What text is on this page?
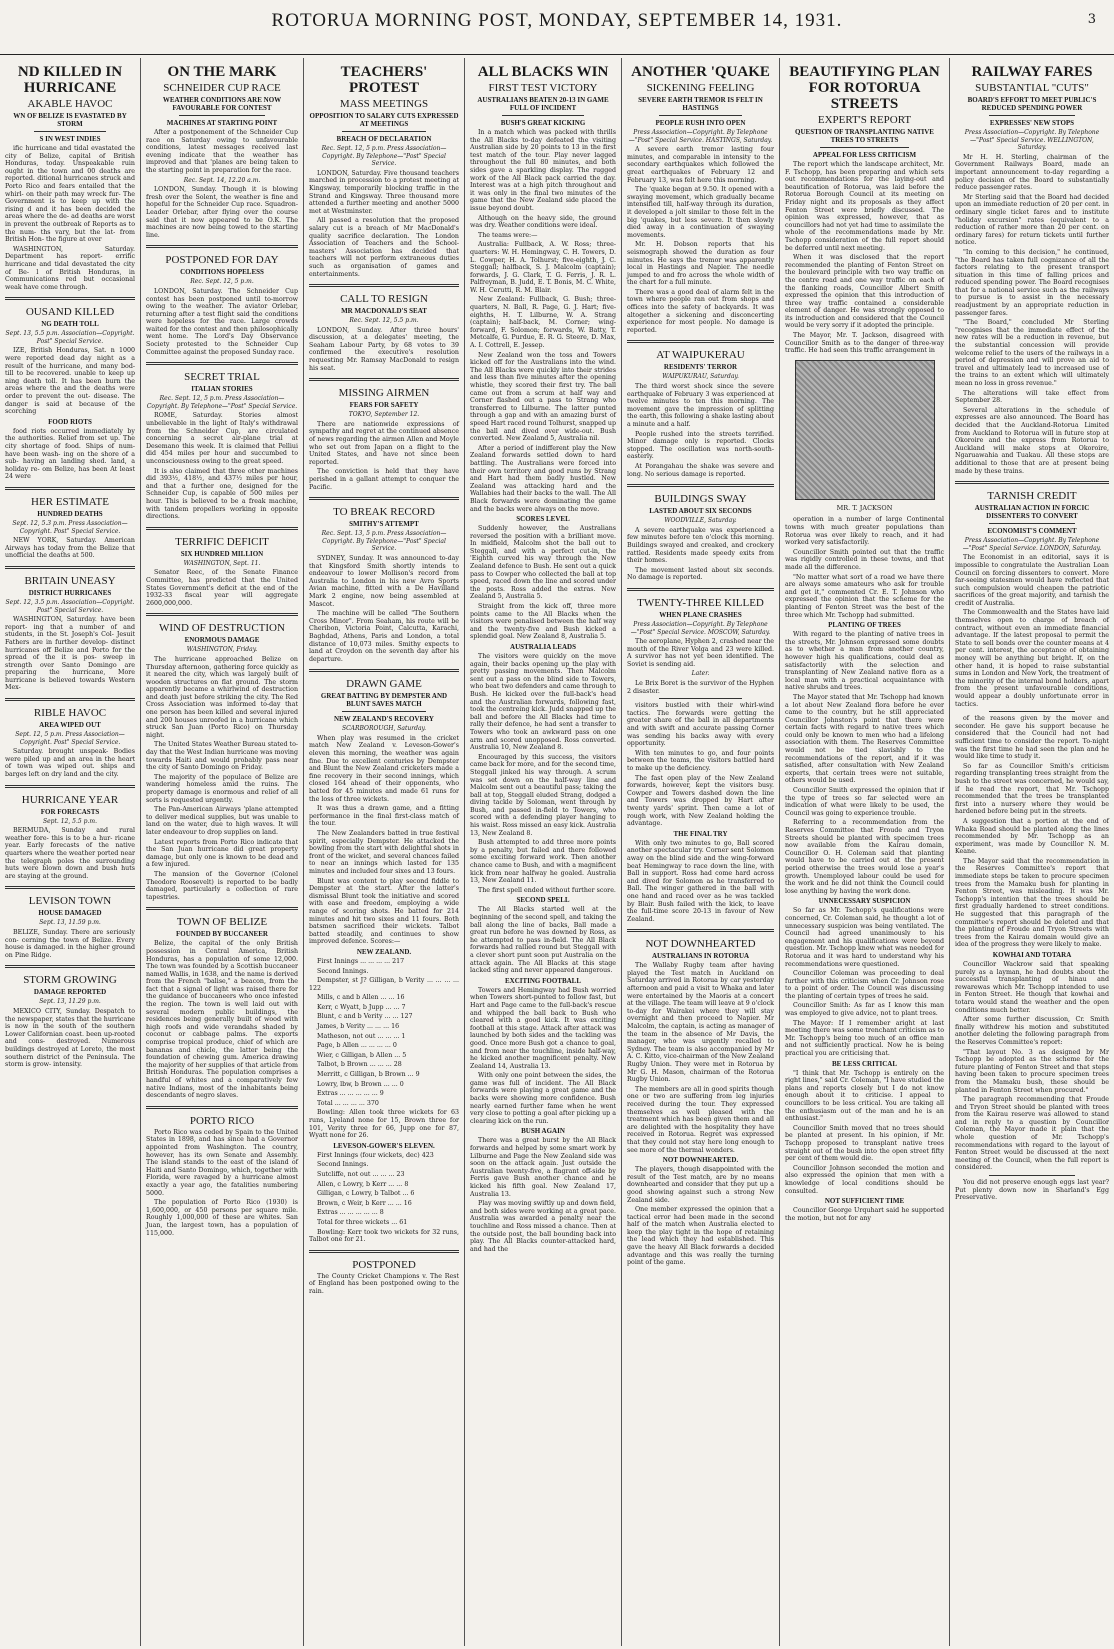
ROTORUA MORNING POST, MONDAY, SEPTEMBER 14, 1931.	3
ND KILLED IN HURRICANE
AKABLE HAVOC
WN OF BELIZE IS EVASTATED BY STORM
S IN WEST INDIES
ific hurricane and tidal evastated the city of Belize, capital of British Honduras, today. Unspeakable ruin ought in the town and 00 deaths are reported. ditional hurricanes struck and Porto Rico and fears entailed that the whirl- on their path may wreck fur- The Government is to keep up with the rising d and it has been decided the areas where the de- ad deaths are worst in prevent the outbreak of Reports as to the num- ths vary, but the lat- from British Hon- the figure at over
WASHINGTON, Saturday. Department has report- errific hurricane and tidal devastated the city of Be- l of British Honduras, in Communications red but occasional weak have come through.
OUSAND KILLED
NG DEATH TOLL
Sept. 13, 5.5 p.m. Association—Copyright. Post" Special Service.
IZE, British Honduras, Sat. n 1000 were reported dead day night as a result of the hurricane, and many bod- till to be recovered. unable to keep up ning death toll. It has been burn the areas where the and the deaths were order to prevent the out- disease. The danger is said at because of the scorching
FOOD RIOTS
food riots occurred immediately by the authorities. Relief from set up. The city shortage of food. Ships of num- have been wash- ing on the shore of a sub- having an landing shed. land, a holiday re- om Belize, has been At least 24 were
HER ESTIMATE
HUNDRED DEATHS
Sept. 12, 5.3 p.m. Press Association—Copyright. Post" Special Service.
NEW YORK, Saturday. American Airways has today from the Belize that unofficial the deaths at 500.
BRITAIN UNEASY
DISTRICT HURRICANES
Sept. 12, 3.5 p.m. Association—Copyright. Post" Special Service.
WASHINGTON, Saturday. have been report- ing that a number of and students, in the St. Joseph's Col- Jesuit Fathers are in further develop- distinct hurricanes off Belize and Porto for the spread of the it is pos- sweep in strength over Santo Domingo are preparing the hurricane, More hurricane is believed towards Western Mex-
RIBLE HAVOC
AREA WIPED OUT
Sept. 12, 5 p.m. Press Association—Copyright. Post" Special Service.
Saturday. brought unspeak- Bodies were piled up and an area in the heart of town was wiped out. ships and barges left on dry land and the city.
HURRICANE YEAR
FOR FORECASTS
Sept. 12, 5.5 p.m.
BERMUDA, Sunday and rural weather fore- this is to be a hur- ricane year. Early forecasts of the native quarters where the weather ported near the telegraph poles the surrounding huts were blown down and bush huts are staying at the ground.
LEVISON TOWN
HOUSE DAMAGED
Sept. 13, 11.59 p.m.
BELIZE, Sunday. There are seriously con- cerning the town of Belize. Every house is damaged. in the higher ground on Pine Ridge.
STORM GROWING
DAMAGE REPORTED
Sept. 13, 11.29 p.m.
MEXICO CITY, Sunday. Despatch to the newspaper, states that the hurricane is now in the south of the southern Lower Californian coast. been up-rooted and cons- destroyed. Numerous buildings destroyed at Loreto, the most southern district of the Peninsula. The storm is grow- intensity.
ON THE MARK
SCHNEIDER CUP RACE
WEATHER CONDITIONS ARE NOW FAVOURABLE FOR CONTEST
MACHINES AT STARTING POINT
After a postponement of the Schneider Cup race on Saturday owing to unfavourable conditions, latest messages received last evening indicate that the weather has improved and that 'planes are being taken to the starting point in preparation for the race.
Rec. Sept. 14, 12.20 a.m.
LONDON, Sunday. Though it is blowing fresh over the Solent, the weather is fine and hopeful for the Schneider Cup race. Squadron-Leader Orlebar, after flying over the course said that it now appeared to be O.K. The machines are now being towed to the starting line.
POSTPONED FOR DAY
CONDITIONS HOPELESS
Rec. Sept. 12, 5 p.m.
LONDON, Saturday. The Schneider Cup contest has been postponed until to-morrow owing to the weather. The aviator Orlebar, returning after a test flight said the conditions were hopeless for the race. Large crowds waited for the contest and then philosophically went home. The Lord's Day Observance Society protested to the Schneider Cup Committee against the proposed Sunday race.
SECRET TRIAL
ITALIAN STORIES
Rec. Sept. 12, 5 p.m. Press Association—Copyright. By Telephone—"Post" Special Service.
ROME, Saturday. Stories almost unbelievable in the light of Italy's withdrawal from the Schneider Cup, are circulated concerning a secret air-plane trial at Desemano this week. It is claimed that Pelliui did 454 miles per hour and succumbed to unconsciousness owing to the great speed.
It is also claimed that three other machines did 393½, 418½, and 437½ miles per hour, and that a further one, designed for the Schneider Cup, is capable of 500 miles per hour. This is believed to be a freak machine, with tandem propellers working in opposite directions.
TERRIFIC DEFICIT
SIX HUNDRED MILLION
WASHINGTON, Sept. 11.
Senator Reec, of the Senate Finance Committee, has predicted that the United States Government's deficit at the end of the 1932-33 fiscal year will aggregate 2600,000,000.
WIND OF DESTRUCTION
ENORMOUS DAMAGE
WASHINGTON, Friday.
The hurricane approached Belize on Thursday afternoon, gathering force quickly as it neared the city, which was largely built of wooden structures on flat ground. The storm apparently became a whirlwind of destruction and death just before striking the city. The Red Cross Association was informed to-day that one person has been killed and several injured and 200 houses unroofed in a hurricane which struck San Juan (Porto Rico) on Thursday night.
The United States Weather Bureau stated to-day that the West Indian hurricane was moving towards Haiti and would probably pass near the city of Santo Domingo on Friday.
The majority of the populace of Belize are wandering homeless amid the ruins. The property damage is enormous and relief of all sorts is requested urgently.
The Pan-American Airways 'plane attempted to deliver medical supplies, but was unable to land on the water, due to high waves. It will later endeavour to drop supplies on land.
Latest reports from Porto Rico indicate that the San Juan hurricane did great property damage, but only one is known to be dead and a few injured.
The mansion of the Governor (Colonel Theodore Roosevelt) is reported to be badly damaged, particularly a collection of rare tapestries.
TOWN OF BELIZE
FOUNDED BY BUCCANEER
Belize, the capital of the only British possession in Central America, British Honduras, has a population of some 12,000. The town was founded by a Scottish buccaneer named Wallis, in 1638, and the name is derived from the French "balise," a beacon, from the fact that a signal of light was raised there for the guidance of buccaneers who once infested the region. The town is well laid out with several modern public buildings, the residences being generally built of wood with high roofs and wide verandahs shaded by coconut or cabbage palms. The exports comprise tropical produce, chief of which are bananas and chicle, the latter being the foundation of chewing gum. America drawing the majority of her supplies of that article from British Honduras. The population comprises a handful of whites and a comparatively few native Indians, most of the inhabitants being descendants of negro slaves.
PORTO RICO
Porto Rico was ceded by Spain to the United States in 1898, and has since had a Governor appointed from Washington. The country, however, has its own Senate and Assembly. The island stands to the east of the island of Haiti and Santo Domingo, which, together with Florida, were ravaged by a hurricane almost exactly a year ago, the fatalities numbering 5000.
The population of Porto Rico (1930) is 1,600,000, or 450 persons per square mile. Roughly 1,000,000 of these are whites. San Juan, the largest town, has a population of 115,000.
TEACHERS' PROTEST
MASS MEETINGS
OPPOSITION TO SALARY CUTS EXPRESSED AT MEETINGS
BREACH OF DECLARATION
Rec. Sept. 12, 5 p.m. Press Association—Copyright. By Telephone—"Post" Special Service.
LONDON, Saturday. Five thousand teachers marched in procession to a protest meeting at Kingsway, temporarily blocking traffic in the Strand and Kingsway. Three thousand more attended a further meeting and another 5000 met at Westminster.
All passed a resolution that the proposed salary cut is a breach of Mr MacDonald's quality sacrifice declaration. The London Association of Teachers and the School-masters' Association has decided that teachers will not perform extraneous duties such as organisation of games and entertainments.
CALL TO RESIGN
MR MACDONALD'S SEAT
Rec. Sept. 12, 5.5 p.m.
LONDON, Sunday. After three hours' discussion, at a delegates' meeting, the Seaham Labour Party, by 68 votes to 39 confirmed the executive's resolution requesting Mr. Ramsay MacDonald to resign his seat.
MISSING AIRMEN
FEARS FOR SAFETY
TOKYO, September 12.
There are nationwide expressions of sympathy and regret at the continued absence of news regarding the airmen Allen and Moyle who set out from Japan on a flight to the United States, and have not since been reported.
The conviction is held that they have perished in a gallant attempt to conquer the Pacific.
TO BREAK RECORD
SMITHY'S ATTEMPT
Rec. Sept. 13, 5 p.m. Press Association—Copyright. By Telephone—"Post" Special Service.
SYDNEY, Sunday. It was announced to-day that Kingsford Smith shortly intends to endeavour to lower Mollison's record from Australia to London in his new Avro Sports Avian machine, fitted with a De Havilland Mark 2 engine, now being assembled at Mascot.
The machine will be called "The Southern Cross Minor". From Seaham, his route will be Cheribon, Victoria Point, Calcutta, Karachi, Baghdad, Athens, Paris and London, a total distance of 10,073 miles. Smithy expects to land at Croydon on the seventh day after his departure.
DRAWN GAME
GREAT BATTING BY DEMPSTER AND BLUNT SAVES MATCH
NEW ZEALAND'S RECOVERY
SCARBOROUGH, Saturday.
When play was resumed in the cricket match New Zealand v. Leveson-Gower's eleven this morning, the weather was again fine. Due to excellent centuries by Dempster and Blunt the New Zealand cricketers made a fine recovery in their second innings, which closed 164 ahead of their opponents, who batted for 45 minutes and made 61 runs for the loss of three wickets.
It was thus a drawn game, and a fitting performance in the final first-class match of the tour.
The New Zealanders batted in true festival spirit, especially Dempster. He attacked the bowling from the start with delightful shots in front of the wicket, and several chances failed to near an innings which lasted for 135 minutes and included four sixes and 13 fours.
Blunt was content to play second fiddle to Dempster at the start. After the latter's dismissal Blunt took the initiative and scored with ease and freedom, employing a wide range of scoring shots. He batted for 214 minutes and hit two sixes and 11 fours. Both batsmen sacrificed their wickets. Talbot batted steadily, and continues to show improved defence. Scores:—
NEW ZEALAND.
First Innings ... ... ... ... 217
Second Innings.
Dempster, st J? Gilligan, b Verity ... ... ... ... 122
Mills, c and b Allen ... ... 16
Kerr, c Wyatt, b Jupp ... ... 7
Blunt, c and b Verity ... ... 127
James, b Verity ... ... ... 16
Matheson, not out ... ... ... 1
Page, b Allen ... ... ... ... 0
Wier, c Gilligan, b Allen ... 5
Talbot, b Brown ... ... ... 28
Merritt, c Gilligan, b Brown ... 9
Lowry, lbw, b Brown ... ... 0
Extras ... ... ... ... ... 9
Total ... ... ... ... 370
Bowling: Allen took three wickets for 63 runs, Lyeland none for 15, Brown three for 101, Verity three for 66, Jupp one for 87, Wyatt none for 26.
LEVESON-GOWER'S ELEVEN.
First Innings (four wickets, dec) 423
Second Innings.
Sutcliffe, not out ... ... ... 23
Allen, c Lowry, b Kerr ... ... 8
Gilligan, c Lowry, b Talbot ... 6
Brown, c Weir, b Kerr ... ... 16
Extras ... ... ... ... ... 8
Total for three wickets ... 61
Bowling: Kerr took two wickets for 32 runs, Talbot one for 21.
POSTPONED
The County Cricket Champions v. The Rest of England has been postponed owing to the rain.
ALL BLACKS WIN
FIRST TEST VICTORY
AUSTRALIANS BEATEN 20-13 IN GAME FULL OF INCIDENT
BUSH'S GREAT KICKING
In a match which was packed with thrills the All Blacks to-day defeated the visiting Australian side by 20 points to 13 in the first test match of the tour. Play never lagged throughout the full 80 minutes, and both sides gave a sparkling display. The rugged work of the All Black pack carried the day. Interest was at a high pitch throughout and it was only in the final two minutes of the game that the New Zealand side placed the issue beyond doubt.
Although on the heavy side, the ground was dry. Weather conditions were ideal.
The teams were:—
Australia: Fullback, A. W. Ross; three-quarters: W. H. Hemingway, C. H. Towers, D. L. Cowper, H. A. Tolhurst; five-eighth, J. C. Steggall; halfback, S. J. Malcolm (captain); forwards, J. G. Clark, T. G. Ferris, J. R. L. Palfreyman, B. Judd, E. T. Bonis, M. C. White, W. H. Cerutti, R. M. Blair.
New Zealand: Fullback, G. Bush; three-quarters, N. Ball, R. Page, G. J. Hart; five-eighths, H. T. Lilburne, W. A. Strang (captain); half-back, M. Corner; wing-forward, F. Solomon; forwards, W. Batty, T. Metcalfe, G. Purdue, E. R. G. Steere, D. Max, A. I. Cottrell, E. Jessep.
New Zealand won the toss and Towers kicked off for the Australians into the wind. The All Blacks were quickly into their strides and less than five minutes after the opening whistle, they scored their first try. The ball came out from a scrum at half way and Corner flashed out a pass to Strang who transferred to Lilburne. The latter punted through a gap and with an amazing burst of speed Hart raced round Tolhurst, snapped up the ball and dived over wide-out. Bush converted. New Zealand 5, Australia nil.
After a period of indifferent play the New Zealand forwards settled down to hard battling. The Australians were forced into their own territory and good runs by Strang and Hart had them badly hustled. New Zealand was attacking hard and the Wallabies had their backs to the wall. The All Black forwards were dominating the game and the backs were always on the move.
SCORES LEVEL
Suddenly however, the Australians reversed the position with a brilliant move. In midfield, Malcolm shot the ball out to Steggall, and with a perfect cut-in, the 'Eighth curved his way through the New Zealand defence to Bush. He sent out a quick pass to Cowper who collected the ball at top speed, raced down the line and scored under the posts. Ross added the extras. New Zealand 5, Australia 5.
Straight from the kick off, three more points came to the All Blacks when the visitors were penalised between the half way and the twenty-five and Bush kicked a splendid goal. New Zealand 8, Australia 5.
AUSTRALIA LEADS
The visitors were quickly on the move again, their backs opening up the play with pretty passing movements. Then Malcolm sent out a pass on the blind side to Towers, who beat two defenders and came through to Bush. He kicked over the full-back's head and the Australian forwards, following fast, took the centreing kick. Judd snapped up the ball and before the All Blacks had time to rally their defence, he had sent a transfer to Towers who took an awkward pass on one arm and scored unopposed. Ross converted. Australia 10, New Zealand 8.
Encouraged by this success, the visitors came back for more, and for the second time, Steggall jinked his way through. A scrum was set down on the half-way line and Malcolm sent out a beautiful pass; taking the ball at top, Steggall eluded Strang, dodged a diving tackle by Soloman, went through by Bush, and passed in-field to Towers, who scored with a defending player hanging to his waist. Ross missed an easy kick. Australia 13, New Zealand 8.
Bush attempted to add three more points by a penalty, but failed and there followed some exciting forward work. Then another chance came to Bush, and with a magnificent kick from near halfway he goaled. Australia 13, New Zealand 11.
The first spell ended without further score.
SECOND SPELL
The All Blacks started well at the beginning of the second spell, and taking the ball along the line of backs, Ball made a great run before he was downed by Ross, as he attempted to pass in-field. The All Black forwards had rallied round but Steggall with a clever short punt soon put Australia on the attack again. The All Blacks at this stage lacked sting and never appeared dangerous.
EXCITING FOOTBALL
Towers and Hemingway had Bush worried when Towers short-punted to follow fast, but Hart and Page came to the full-back's rescue and whipped the ball back to Bush who cleared with a good kick. It was exciting football at this stage. Attack after attack was launched by both sides and the tackling was good. Once more Bush got a chance to goal, and from near the touchline, inside half-way, he kicked another magnificent penalty. New Zealand 14, Australia 13.
With only one point between the sides, the game was full of incident. The All Black forwards were playing a great game and the backs were showing more confidence. Bush nearly earned further fame when he went very close to potting a goal after picking up a clearing kick on the run.
BUSH AGAIN
There was a great burst by the All Black forwards and helped by some smart work by Lilburne and Page the New Zealand side was soon on the attack again. Just outside the Australian twenty-five, a flagrant off-side by Ferris gave Bush another chance and he kicked his fifth goal. New Zealand 17, Australia 13.
Play was moving swiftly up and down field, and both sides were working at a great pace. Australia was awarded a penalty near the touchline and Ross missed a chance. Then at the outside post, the ball bounding back into play. The All Blacks counter-attacked hard, and had the
ANOTHER 'QUAKE
SICKENING FEELING
SEVERE EARTH TREMOR IS FELT IN HASTINGS
PEOPLE RUSH INTO OPEN
Press Association—Copyright. By Telephone—"Post" Special Service. HASTINGS, Saturday.
A severe earth tremor lasting four minutes, and comparable in intensity to the secondary earthquakes which followed the great earthquakes of February 12 and February 13, was felt here this morning.
The 'quake began at 9.50. It opened with a swaying movement, which gradually became intensified till, half-way through its duration, it developed a jolt similar to those felt in the big 'quakes, but less severe. It then slowly died away in a continuation of swaying movements.
Mr. H. Dobson reports that his seismograph showed the duration as four minutes. He says the tremor was apparently local in Hastings and Napier. The needle jumped to and fro across the whole width of the chart for a full minute.
There was a good deal of alarm felt in the town where people ran out from shops and offices into the safety of backyards. It was altogether a sickening and disconcerting experience for most people. No damage is reported.
AT WAIPUKERAU
RESIDENTS' TERROR
WAIPUKURAU, Saturday.
The third worst shock since the severe earthquake of February 3 was experienced at twelve minutes to ten this morning. The movement gave the impression of splitting the earth, this following a shake lasting about a minute and a half.
People rushed into the streets terrified. Minor damage only is reported. Clocks stopped. The oscillation was north-south-easterly.
At Porangahau the shake was severe and long. No serious damage is reported.
BUILDINGS SWAY
LASTED ABOUT SIX SECONDS
WOODVILLE, Saturday.
A severe earthquake was experienced a few minutes before ten o'clock this morning. Buildings swayed and creaked, and crockery rattled. Residents made speedy exits from their homes.
The movement lasted about six seconds. No damage is reported.
TWENTY-THREE KILLED
WHEN PLANE CRASHES
Press Association—Copyright. By Telephone—"Post" Special Service. MOSCOW, Saturday.
The aeroplane, Hyphen 2, crashed near the mouth of the River Volga and 23 were killed. A survivor has not yet been identified. The Soviet is sending aid.
Later.
Le Brix Boret is the survivor of the Hyphen 2 disaster.
visitors bustled with their whirl-wind tactics. The forwards were getting the greater share of the ball in all departments and with swift and accurate passing Corner was sending his backs away with every opportunity.
With ten minutes to go, and four points between the teams, the visitors battled hard to make up the deficiency.
The fast open play of the New Zealand forwards, however, kept the visitors busy. Cowper and Towers dashed down the line and Towers was dropped by Hart after twenty yards' sprint. Then came a lot of rough work, with New Zealand holding the advantage.
THE FINAL TRY
With only two minutes to go, Ball scored another spectacular try. Corner sent Solomon away on the blind side and the wing-forward beat Hemingway to race down the line, with Ball in support. Ross had come hard across and dived for Solomon as he transferred to Ball. The winger gathered in the ball with one hand and raced over as he was tackled by Blair. Bush failed with the kick, to leave the full-time score 20-13 in favour of New Zealand.
NOT DOWNHEARTED
AUSTRALIANS IN ROTORUA
The Wallaby Rugby team after having played the Test match in Auckland on Saturday arrived in Rotorua by car yesterday afternoon and paid a visit to Whaka and later were entertained by the Maoris at a concert at the village. The team will leave at 9 o'clock to-day for Wairakei where they will stay overnight and then proceed to Napier. Mr Malcolm, the captain, is acting as manager of the team in the absence of Mr Davis, the manager, who was urgently recalled to Sydney. The team is also accompanied by Mr A. C. Kitto, vice-chairman of the New Zealand Rugby Union. They were met in Rotorua by Mr G. H. Mason, chairman of the Rotorua Rugby Union.
The members are all in good spirits though one or two are suffering from leg injuries received during the tour. They expressed themselves as well pleased with the treatment which has been given them and all are delighted with the hospitality they have received in Rotorua. Regret was expressed that they could not stay here long enough to see more of the thermal wonders.
NOT DOWNHEARTED.
The players, though disappointed with the result of the Test match, are by no means downhearted and consider that they put up a good showing against such a strong New Zealand side.
One member expressed the opinion that a tactical error had been made in the second half of the match when Australia elected to keep the play tight in the hope of retaining the lead which they had established. This gave the heavy All Black forwards a decided advantage and this was really the turning point of the game.
BEAUTIFYING PLAN FOR ROTORUA STREETS
EXPERT'S REPORT
QUESTION OF TRANSPLANTING NATIVE TREES TO STREETS
APPEAL FOR LESS CRITICISM
The report which the landscape architect, Mr. F. Tschopp, has been preparing and which sets out recommendations for the laying-out and beautification of Rotorua, was laid before the Rotorua Borough Council at its meeting on Friday night and its proposals as they affect Fenton Street were briefly discussed. The opinion was expressed, however, that as councillors had not yet had time to assimilate the whole of the recommendations made by Mr. Tschopp consideration of the full report should be deferred until next meeting.
When it was disclosed that the report recommended the planting of Fenton Street on the boulevard principle with two way traffic on the centre road and one way traffic on each of the flanking roads, Councillor Albert Smith expressed the opinion that this introduction of three way traffic contained a considerable element of danger. He was strongly opposed to its introduction and considered that the Council would be very sorry if it adopted the principle.
The Mayor, Mr. T. Jackson, disagreed with Councillor Smith as to the danger of three-way traffic. He had seen this traffic arrangement in
MR. T. JACKSON
operation in a number of large Continental towns with much greater populations than Rotorua was ever likely to reach, and it had worked very satisfactorily.
Councillor Smith pointed out that the traffic was rigidly controlled in these towns, and that made all the difference.
"No matter what sort of a road we have there are always some amateurs who ask for trouble and get it," commented Cr. E. T. Johnson who expressed the opinion that the scheme for the planting of Fenton Street was the best of the three which Mr. Tschopp had submitted.
PLANTING OF TREES
With regard to the planting of native trees in the streets, Mr. Johnson expressed some doubts as to whether a man from another country, however high his qualifications, could deal as satisfactorily with the selection and transplanting of New Zealand native flora as a local man with a practical acquaintance with native shrubs and trees.
The Mayor stated that Mr. Tschopp had known a lot about New Zealand flora before he ever came to the country, but he still appreciated Councillor Johnston's point that there were certain facts with regard to native trees which could only be known to men who had a lifelong association with them. The Reserves Committee would not be tied slavishly to the recommendations of the report, and if it was satisfied, after consultation with New Zealand experts, that certain trees were not suitable, others would be used.
Councillor Smith expressed the opinion that if the type of trees so far selected were an indication of what were likely to be used, the Council was going to experience trouble.
Referring to a recommendation from the Reserves Committee that Froude and Tryon Streets should be planted with specimen trees now available from the Kairau domain, Councillor O. H. Coleman said that planting would have to be carried out at the present period otherwise the trees would lose a year's growth. Unemployed labour could be used for the work and he did not think the Council could lose anything by having the work done.
UNNECESSARY SUSPICION
So far as Mr. Tschopp's qualifications were concerned, Cr. Coleman said, he thought a lot of unnecessary suspicion was being ventilated. The Council had agreed unanimously to his engagement and his qualifications were beyond question. Mr. Tschopp knew what was needed for Rotorua and it was hard to understand why his recommendations were questioned.
Councillor Coleman was proceeding to deal further with this criticism when Cr. Johnson rose to a point of order. The Council was discussing the planting of certain types of trees he said.
Councillor Smith: As far as I know this man was employed to give advice, not to plant trees.
The Mayor: If I remember aright at last meeting there was some trenchant criticism as to Mr. Tschopp's being too much of an office man and not sufficiently practical. Now he is being practical you are criticising that.
BE LESS CRITICAL
"I think that Mr. Tschopp is entirely on the right lines," said Cr. Coleman, "I have studied the plans and reports closely but I do not know enough about it to criticise. I appeal to councillors to be less critical. You are taking all the enthusiasm out of the man and he is an enthusiast."
Councillor Smith moved that no trees should be planted at present. In his opinion, if Mr. Tschopp proposed to transplant native trees straight out of the bush into the open street fifty per cent of them would die.
Councillor Johnson seconded the motion and also expressed the opinion that men with a knowledge of local conditions should be consulted.
NOT SUFFICIENT TIME
Councillor George Urquhart said he supported the motion, but not for any
RAILWAY FARES
SUBSTANTIAL "CUTS"
BOARD'S EFFORT TO MEET PUBLIC'S REDUCED SPENDING POWER
EXPRESSES' NEW STOPS
Press Association—Copyright. By Telephone—"Post" Special Service. WELLINGTON, Saturday.
Mr H. H. Sterling, chairman of the Government Railways Board, made an important announcement to-day regarding a policy decision of the Board to substantially reduce passenger rates.
Mr Sterling said that the Board had decided upon an immediate reduction of 20 per cent. in ordinary single ticket fares and to institute "holiday excursion" rates (equivalent to a reduction of rather more than 20 per cent. on ordinary fares) for return tickets until further notice.
"In coming to this decision," he continued, "the Board has taken full cognizance of all the factors relating to the present transport situation in this time of falling prices and reduced spending power. The Board recognises that for a national service such as the railways to pursue is to assist in the necessary readjustment by an appropriate reduction in passenger fares.
"The Board," concluded Mr Sterling "recognises that the immediate effect of the new rates will be a reduction in revenue, but the substantial concession will provide welcome relief to the users of the railways in a period of depression and will prove an aid to travel and ultimately lead to increased use of the trains to an extent which will ultimately mean no loss in gross revenue."
The alterations will take effect from September 28.
Several alterations in the schedule of expresses are also announced. The Board has decided that the Auckland-Rotorua Limited from Auckland to Rotorua will in future stop at Okoroire and the express from Rotorua to Auckland will make stops at Okoroire, Ngaruawahia and Tuakau. All these stops are additional to those that are at present being made by these trains.
TARNISH CREDIT
AUSTRALIAN ACTION IN FORCIC DISSENTERS TO CONVERT
ECONOMIST'S COMMENT
Press Association—Copyright. By Telephone—"Post" Special Service. LONDON, Saturday.
The Economist in an editorial, says it is impossible to congratulate the Australian Loan Council on forcing dissenters to convert. More far-seeing statesmen would have reflected that such compulsion would cheapen the patriotic sacrifices of the great majority, and tarnish the credit of Australia.
The Commonwealth and the States have laid themselves open to charge of breach of contract, without even an immediate financial advantage. If the latest proposal to permit the State to sell bonds over the counter means at 4 per cent. interest, the acceptance of obtaining money will be anything but bright. If, on the other hand, it is hoped to raise substantial sums in London and New York, the treatment of the minority of the internal bond holders, apart from the present unfavourable conditions, would appear a doubly unfortunate error in tactics.
of the reasons given by the mover and seconder. He gave his support because he considered that the Council had not had sufficient time to consider the report. To-night was the first time he had seen the plan and he would like time to study it.
So far as Councillor Smith's criticism regarding transplanting trees straight from the bush to the street was concerned, he would say, if he read the report, that Mr. Tschopp recommended that the trees be transplanted first into a nursery where they would be hardened before being put in the streets.
A suggestion that a portion at the end of Whaka Road should be planted along the lines recommended by Mr. Tschopp as an experiment, was made by Councillor N. M. Keane.
The Mayor said that the recommendation in the Reserves Committee's report that immediate steps be taken to procure specimen trees from the Mamaku bush for planting in Fenton Street, was misleading. It was Mr. Tschopp's intention that the trees should be first gradually hardened to street conditions. He suggested that this paragraph of the committee's report should be deleted and that the planting of Froude and Tryon Streets with trees from the Kairau domain would give an idea of the progress they were likely to make.
KOWHAI AND TOTARA
Councillor Wackrow said that speaking purely as a layman, he had doubts about the successful transplanting of hinau and rewarewas which Mr. Tschopp intended to use in Fenton Street. He though that kowhai and totara would stand the weather and the open conditions much better.
After some further discussion, Cr. Smith finally withdrew his motion and substituted another deleting the following paragraph from the Reserves Committee's report:
"That layout No. 3 as designed by Mr Tschopp be adopted as the scheme for the future planting of Fenton Street and that steps having been taken to procure specimen trees from the Mamaku bush, these should be planted in Fenton Street when procured."
The paragraph recommending that Froude and Tryon Street should be planted with trees from the Kairau reserve was allowed to stand and in reply to a question by Councillor Coleman, the Mayor made it plain that the whole question of Mr. Tschopp's recommendations with regard to the layout of Fenton Street would be discussed at the next meeting of the Council, when the full report is considered.
You did not preserve enough eggs last year? Put plenty down now in Sharland's Egg Preservative.
